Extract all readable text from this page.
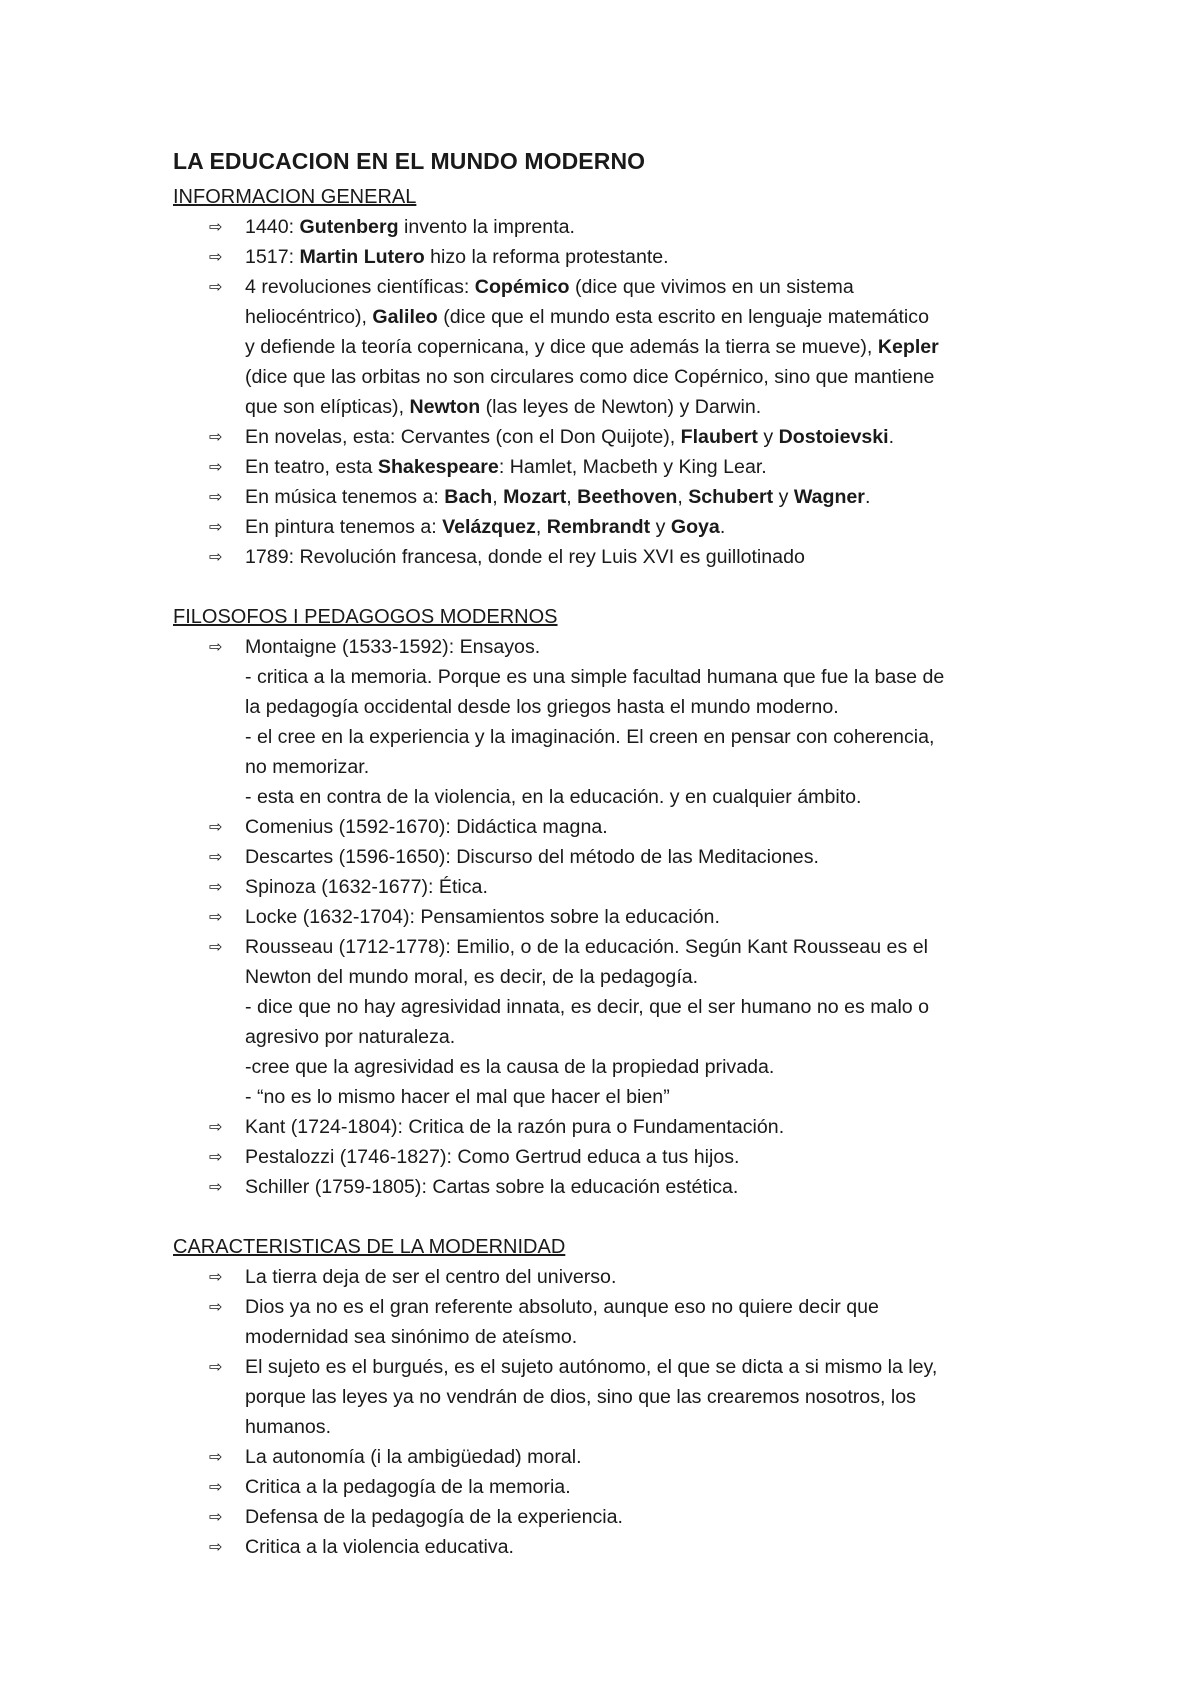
LA EDUCACION EN EL MUNDO MODERNO
INFORMACION GENERAL
⇨ 1440: Gutenberg invento la imprenta.
⇨ 1517: Martin Lutero hizo la reforma protestante.
⇨ 4 revoluciones científicas: Copémico (dice que vivimos en un sistema
heliocéntrico), Galileo (dice que el mundo esta escrito en lenguaje matemático
y defiende la teoría copernicana, y dice que además la tierra se mueve), Kepler
(dice que las orbitas no son circulares como dice Copérnico, sino que mantiene
que son elípticas), Newton (las leyes de Newton) y Darwin.
⇨ En novelas, esta: Cervantes (con el Don Quijote), Flaubert y Dostoievski.
⇨ En teatro, esta Shakespeare: Hamlet, Macbeth y King Lear.
⇨ En música tenemos a: Bach, Mozart, Beethoven, Schubert y Wagner.
⇨ En pintura tenemos a: Velázquez, Rembrandt y Goya.
⇨ 1789: Revolución francesa, donde el rey Luis XVI es guillotinado
FILOSOFOS I PEDAGOGOS MODERNOS
⇨ Montaigne (1533-1592): Ensayos.
- critica a la memoria. Porque es una simple facultad humana que fue la base de
la pedagogía occidental desde los griegos hasta el mundo moderno.
- el cree en la experiencia y la imaginación. El creen en pensar con coherencia,
no memorizar.
- esta en contra de la violencia, en la educación. y en cualquier ámbito.
⇨ Comenius (1592-1670): Didáctica magna.
⇨ Descartes (1596-1650): Discurso del método de las Meditaciones.
⇨ Spinoza (1632-1677): Ética.
⇨ Locke (1632-1704): Pensamientos sobre la educación.
⇨ Rousseau (1712-1778): Emilio, o de la educación. Según Kant Rousseau es el
Newton del mundo moral, es decir, de la pedagogía.
- dice que no hay agresividad innata, es decir, que el ser humano no es malo o
agresivo por naturaleza.
-cree que la agresividad es la causa de la propiedad privada.
- “no es lo mismo hacer el mal que hacer el bien”
⇨ Kant (1724-1804): Critica de la razón pura o Fundamentación.
⇨ Pestalozzi (1746-1827): Como Gertrud educa a tus hijos.
⇨ Schiller (1759-1805): Cartas sobre la educación estética.
CARACTERISTICAS DE LA MODERNIDAD
⇨ La tierra deja de ser el centro del universo.
⇨ Dios ya no es el gran referente absoluto, aunque eso no quiere decir que
modernidad sea sinónimo de ateísmo.
⇨ El sujeto es el burgués, es el sujeto autónomo, el que se dicta a si mismo la ley,
porque las leyes ya no vendrán de dios, sino que las crearemos nosotros, los
humanos.
⇨ La autonomía (i la ambigüedad) moral.
⇨ Critica a la pedagogía de la memoria.
⇨ Defensa de la pedagogía de la experiencia.
⇨ Critica a la violencia educativa.
